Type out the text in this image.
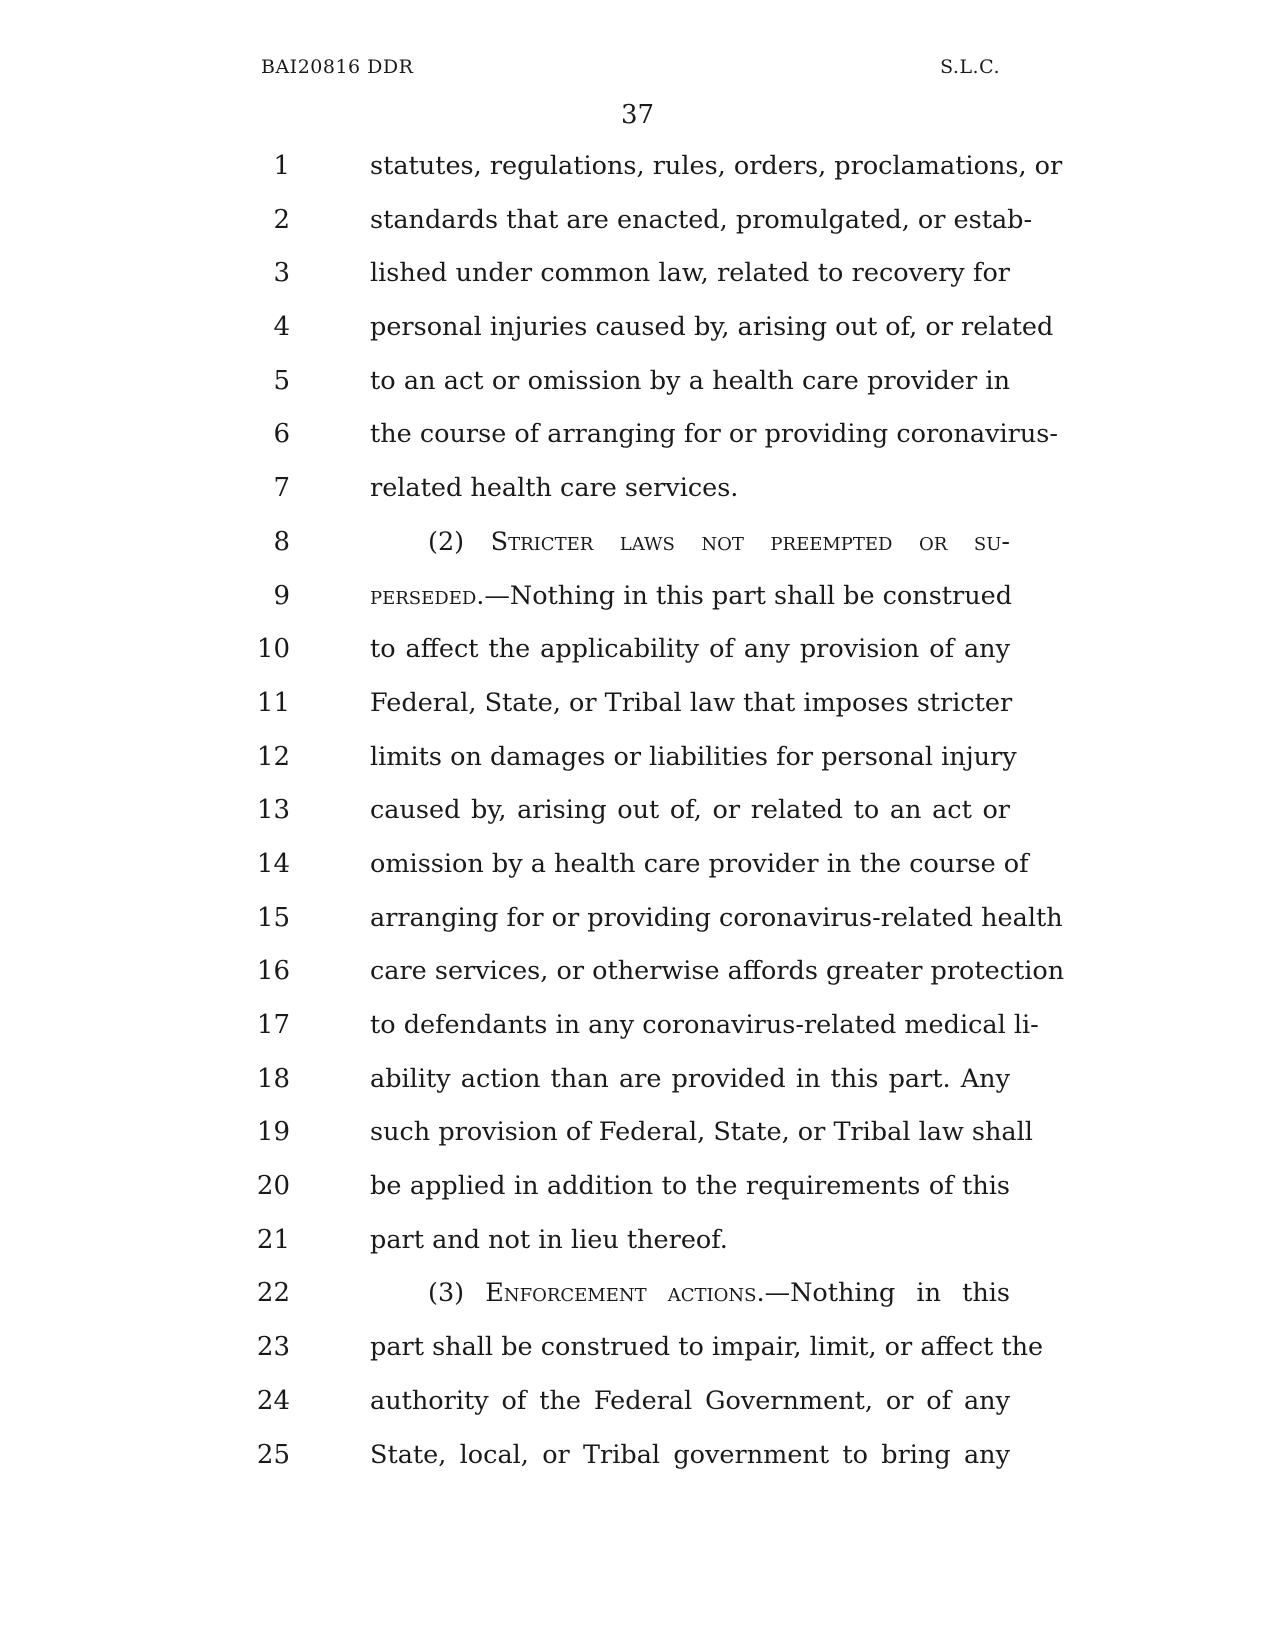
BAI20816 DDR	S.L.C.
37
1	statutes, regulations, rules, orders, proclamations, or
2	standards that are enacted, promulgated, or estab-
3	lished under common law, related to recovery for
4	personal injuries caused by, arising out of, or related
5	to an act or omission by a health care provider in
6	the course of arranging for or providing coronavirus-
7	related health care services.
8	(2) Stricter laws not preempted or su-
9	perseded.—Nothing in this part shall be construed
10	to affect the applicability of any provision of any
11	Federal, State, or Tribal law that imposes stricter
12	limits on damages or liabilities for personal injury
13	caused by, arising out of, or related to an act or
14	omission by a health care provider in the course of
15	arranging for or providing coronavirus-related health
16	care services, or otherwise affords greater protection
17	to defendants in any coronavirus-related medical li-
18	ability action than are provided in this part. Any
19	such provision of Federal, State, or Tribal law shall
20	be applied in addition to the requirements of this
21	part and not in lieu thereof.
22	(3) Enforcement actions.—Nothing in this
23	part shall be construed to impair, limit, or affect the
24	authority of the Federal Government, or of any
25	State, local, or Tribal government to bring any
